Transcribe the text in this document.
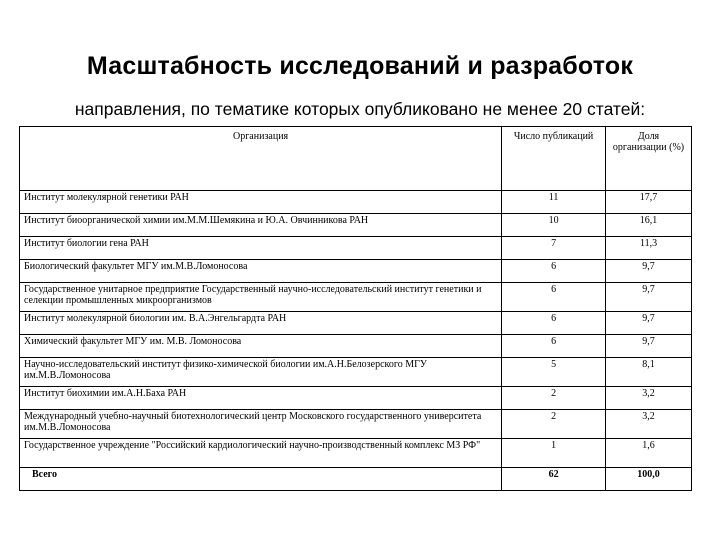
Масштабность исследований и разработок
направления, по тематике которых опубликовано не менее 20 статей:
Организация	Число публикаций	Доля организации (%)
Институт молекулярной генетики РАН	11	17,7
Институт биоорганической химии им.М.М.Шемякина и Ю.А. Овчинникова РАН	10	16,1
Институт биологии гена РАН	7	11,3
Биологический факультет МГУ им.М.В.Ломоносова	6	9,7
Государственное унитарное предприятие Государственный научно-исследовательский институт генетики и селекции промышленных микроорганизмов	6	9,7
Институт молекулярной биологии им. В.А.Энгельгардта РАН	6	9,7
Химический факультет МГУ им. М.В. Ломоносова	6	9,7
Научно-исследовательский институт физико-химической биологии им.А.Н.Белозерского МГУ им.М.В.Ломоносова	5	8,1
Институт биохимии им.А.Н.Баха РАН	2	3,2
Международный учебно-научный биотехнологический центр Московского государственного университета им.М.В.Ломоносова	2	3,2
Государственное учреждение "Российский кардиологический научно-производственный комплекс МЗ РФ"	1	1,6
Всего	62	100,0
